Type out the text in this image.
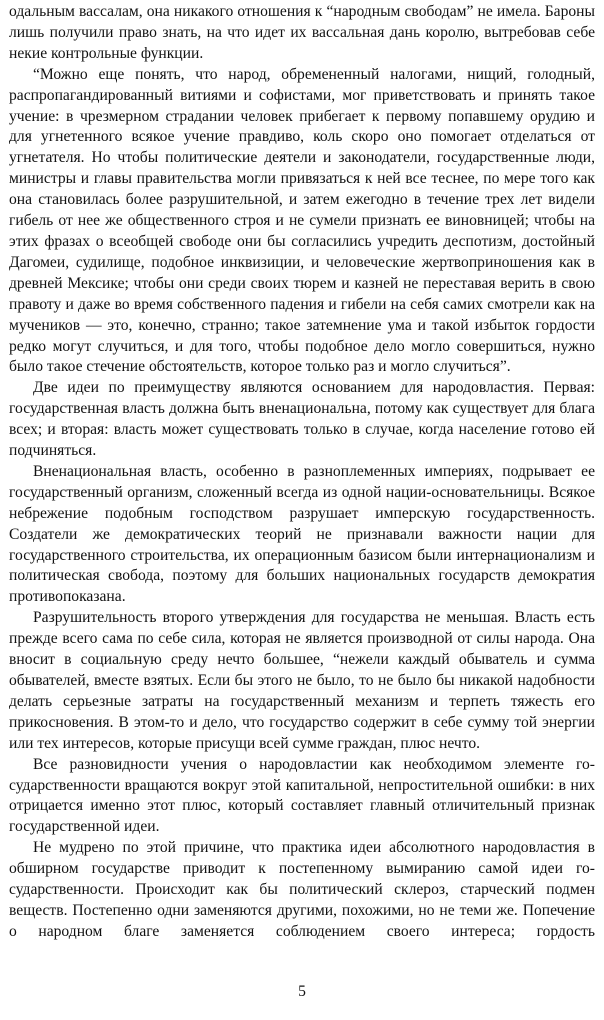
одальным вассалам, она никакого отношения к “народным свободам” не имела. Бароны лишь получили право знать, на что идет их вассальная дань королю, вытребовав себе некие контрольные функции.

“Можно еще понять, что народ, обремененный налогами, нищий, голодный, распропагандированный витиями и софистами, мог приветствовать и принять такое учение: в чрезмерном страдании человек прибегает к первому попавшему орудию и для угнетенного всякое учение правдиво, коль скоро оно помогает отделаться от угнетателя. Но чтобы политические деятели и законодатели, государственные люди, министры и главы правительства могли привязаться к ней все теснее, по мере того как она становилась более разрушительной, и затем ежегодно в течение трех лет видели гибель от нее же общественного строя и не сумели признать ее виновницей; чтобы на этих фразах о всеобщей свободе они бы согласились учредить деспотизм, достойный Дагомеи, судилище, подобное инквизиции, и человеческие жертвоприношения как в древней Мексике; чтобы они среди своих тюрем и казней не переставая верить в свою правоту и даже во время собственного падения и гибели на себя самих смотрели как на мучеников — это, конечно, странно; такое затемнение ума и такой избыток гордости редко могут случиться, и для того, чтобы подобное дело могло совершиться, нужно было такое стечение обстоятельств, которое только раз и могло случиться”.

Две идеи по преимуществу являются основанием для народовластия. Первая: государственная власть должна быть вненациональна, потому как существует для блага всех; и вторая: власть может существовать только в случае, когда население готово ей подчиняться.

Вненациональная власть, особенно в разноплеменных империях, подрывает ее государственный организм, сложенный всегда из одной нации-основательницы. Всякое небрежение подобным господством разрушает имперскую государственность. Создатели же демократических теорий не признавали важности нации для государственного строительства, их операционным базисом были интернационализм и политическая свобода, поэтому для больших национальных государств демократия противопоказана.

Разрушительность второго утверждения для государства не меньшая. Власть есть прежде всего сама по себе сила, которая не является производной от силы народа. Она вносит в социальную среду нечто большее, “нежели каждый обыватель и сумма обывателей, вместе взятых. Если бы этого не было, то не было бы никакой надобности делать серьезные затраты на государственный механизм и терпеть тяжесть его прикосновения. В этом-то и дело, что государство содержит в себе сумму той энергии или тех интересов, которые присущи всей сумме граждан, плюс нечто.

Все разновидности учения о народовластии как необходимом элементе государственности вращаются вокруг этой капитальной, непростительной ошибки: в них отрицается именно этот плюс, который составляет главный отличительный признак государственной идеи.

Не мудрено по этой причине, что практика идеи абсолютного народовластия в обширном государстве приводит к постепенному вымиранию самой идеи государственности. Происходит как бы политический склероз, старческий подмен веществ. Постепенно одни заменяются другими, похожими, но не теми же. Попечение о народном благе заменяется соблюдением своего интереса; гордость

5
